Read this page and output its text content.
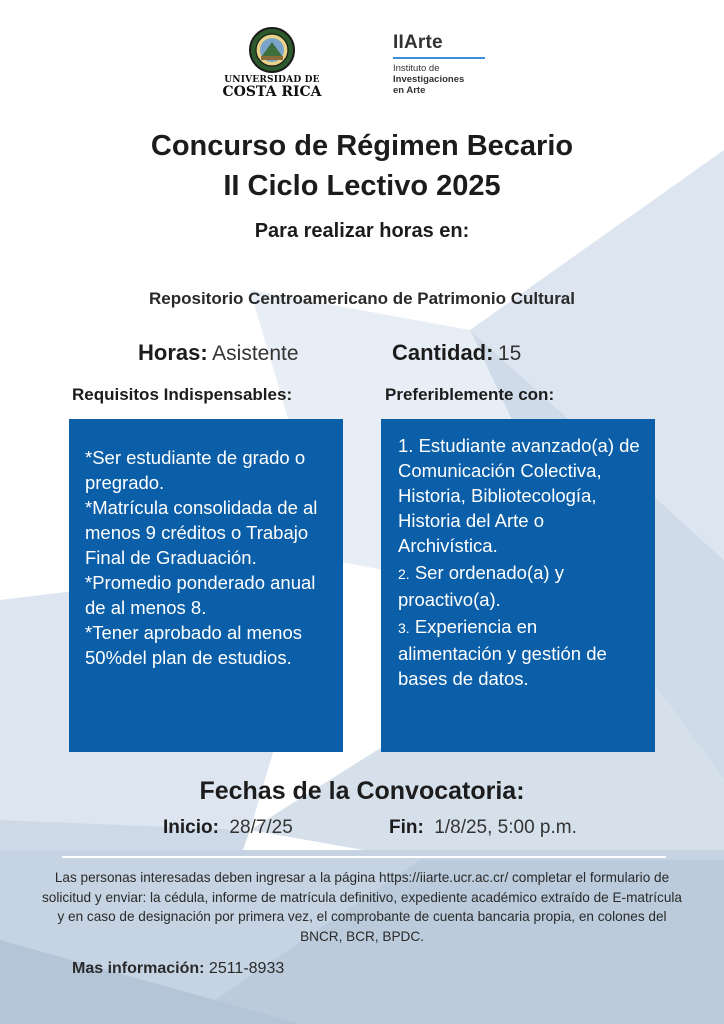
UNIVERSIDAD DE
COSTA RICA
IIArte
Instituto de
Investigaciones
en Arte
Concurso de Régimen Becario
II Ciclo Lectivo 2025
Para realizar horas en:
Repositorio Centroamericano de Patrimonio Cultural
Horas: Asistente	Cantidad: 15
Requisitos Indispensables:	Preferiblemente con:

*Ser estudiante de grado o pregrado.

*Matrícula consolidada de al menos 9 créditos o Trabajo Final de Graduación.

*Promedio ponderado anual de al menos 8.

*Tener aprobado al menos 50%del plan de estudios.

1. Estudiante avanzado(a) de Comunicación Colectiva, Historia, Bibliotecología, Historia del Arte o Archivística.

2. Ser ordenado(a) y proactivo(a).

3. Experiencia en alimentación y gestión de bases de datos.

Fechas de la Convocatoria:
Inicio: 28/7/25	Fin: 1/8/25, 5:00 p.m.
Las personas interesadas deben ingresar a la página https://iiarte.ucr.ac.cr/ completar el formulario de solicitud y enviar: la cédula, informe de matrícula definitivo, expediente académico extraído de E-matrícula y en caso de designación por primera vez, el comprobante de cuenta bancaria propia, en colones del BNCR, BCR, BPDC.
Mas información: 2511-8933
